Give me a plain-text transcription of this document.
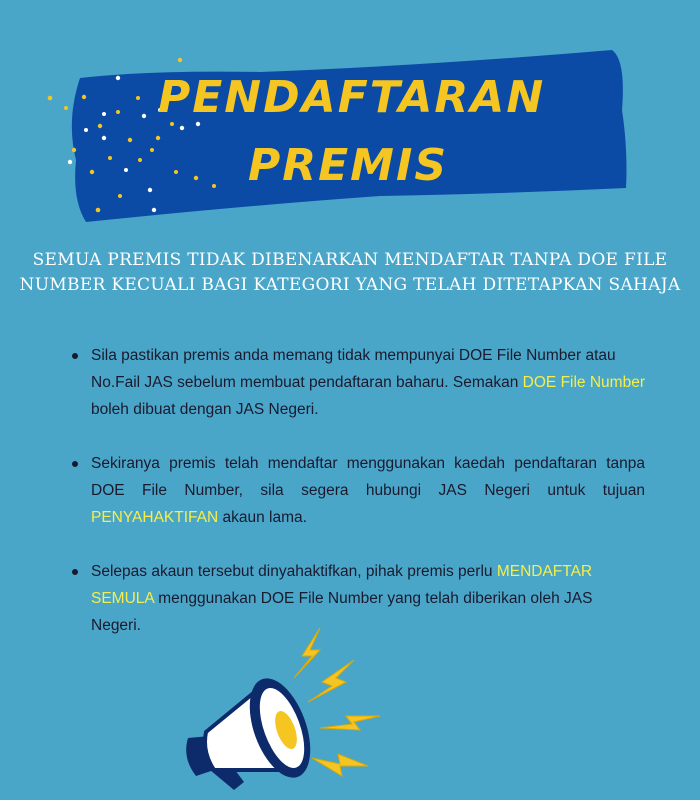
PENDAFTARAN
PREMIS
SEMUA PREMIS TIDAK DIBENARKAN MENDAFTAR TANPA DOE FILE NUMBER KECUALI BAGI KATEGORI YANG TELAH DITETAPKAN SAHAJA
Sila pastikan premis anda memang tidak mempunyai DOE File Number atau No.Fail JAS sebelum membuat pendaftaran baharu. Semakan DOE File Number boleh dibuat dengan JAS Negeri.
Sekiranya premis telah mendaftar menggunakan kaedah pendaftaran tanpa DOE File Number, sila segera hubungi JAS Negeri untuk tujuan PENYAHAKTIFAN akaun lama.
Selepas akaun tersebut dinyahaktifkan, pihak premis perlu MENDAFTAR SEMULA menggunakan DOE File Number yang telah diberikan oleh JAS Negeri.
